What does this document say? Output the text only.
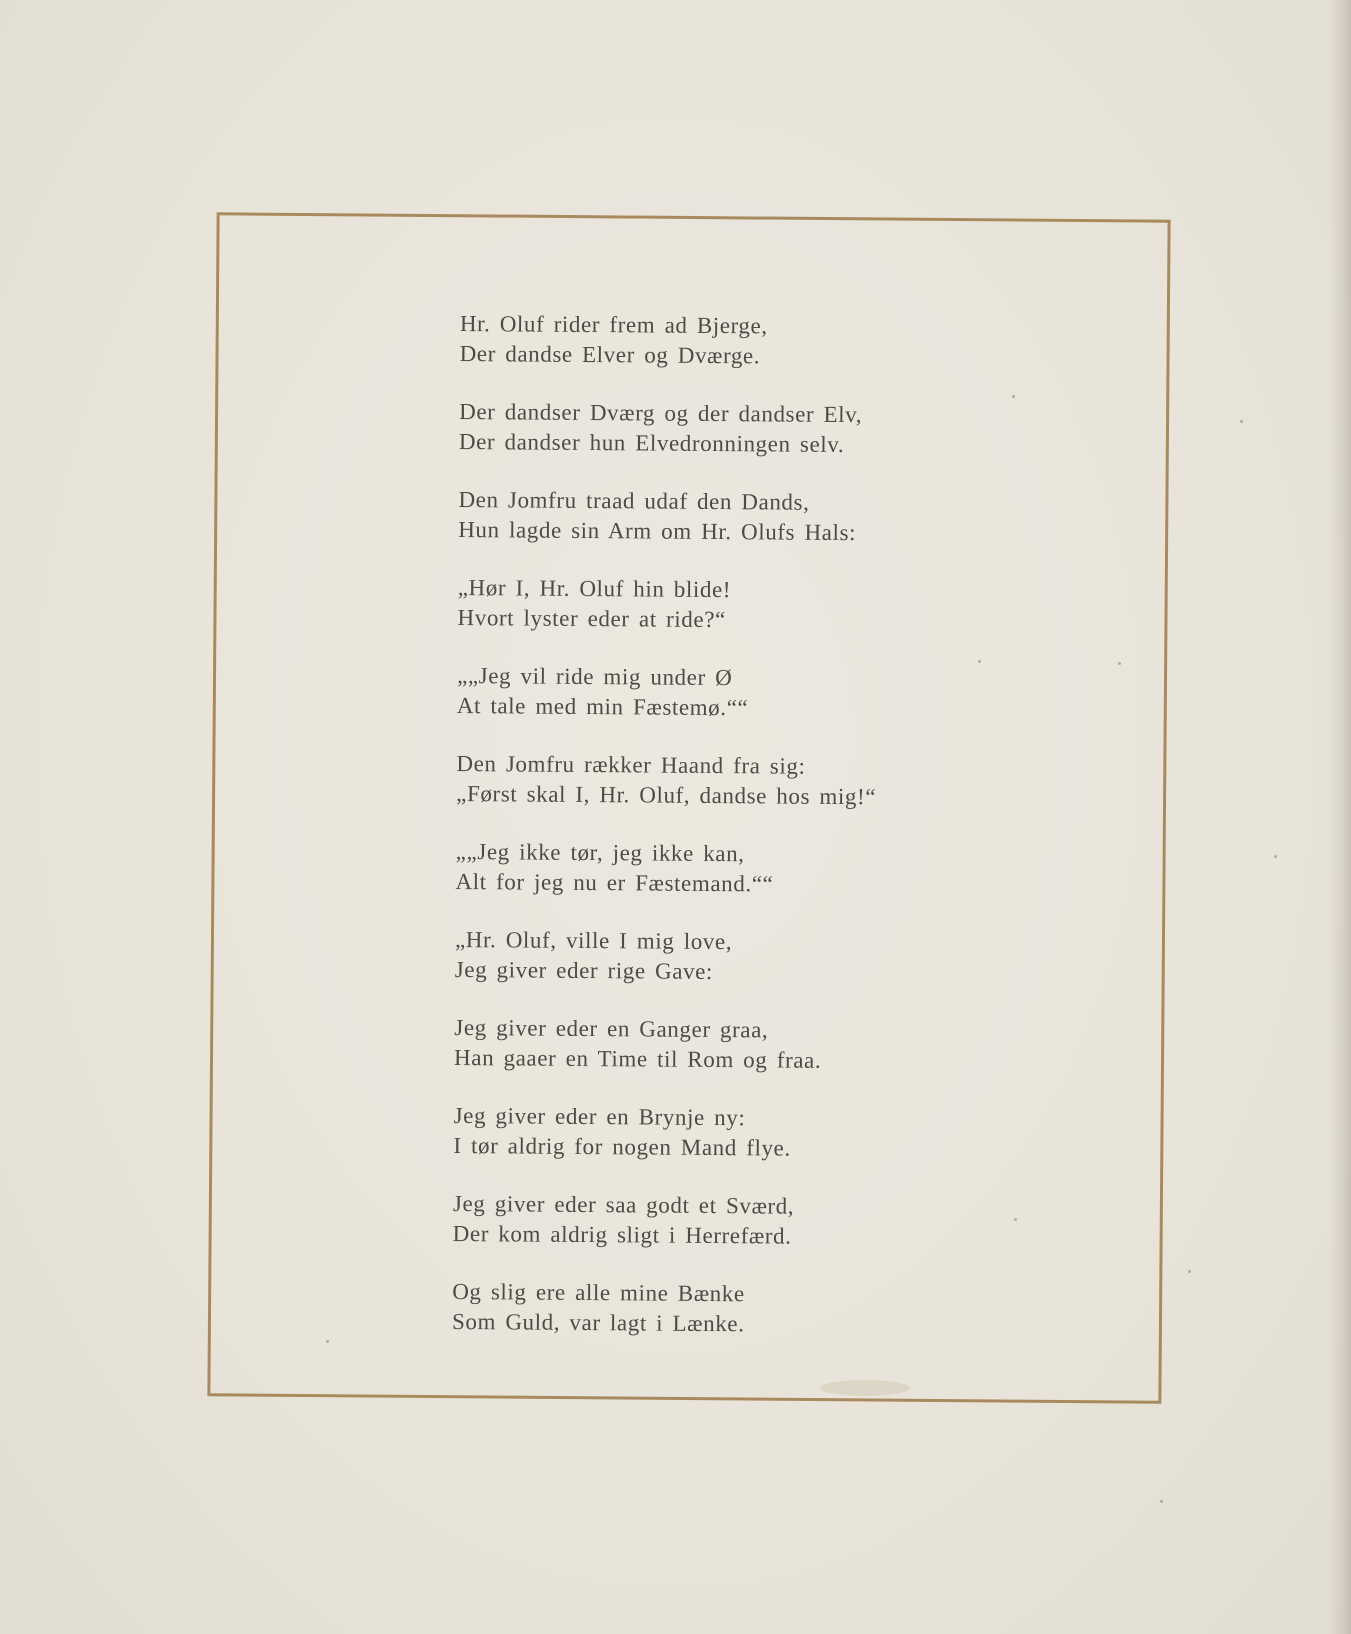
Hr. Oluf rider frem ad Bjerge,
Der dandse Elver og Dværge.
Der dandser Dværg og der dandser Elv,
Der dandser hun Elvedronningen selv.
Den Jomfru traad udaf den Dands,
Hun lagde sin Arm om Hr. Olufs Hals:
„Hør I, Hr. Oluf hin blide!
Hvort lyster eder at ride?“
„„Jeg vil ride mig under Ø
At tale med min Fæstemø.““
Den Jomfru rækker Haand fra sig:
„Først skal I, Hr. Oluf, dandse hos mig!“
„„Jeg ikke tør, jeg ikke kan,
Alt for jeg nu er Fæstemand.““
„Hr. Oluf, ville I mig love,
Jeg giver eder rige Gave:
Jeg giver eder en Ganger graa,
Han gaaer en Time til Rom og fraa.
Jeg giver eder en Brynje ny:
I tør aldrig for nogen Mand flye.
Jeg giver eder saa godt et Sværd,
Der kom aldrig sligt i Herrefærd.
Og slig ere alle mine Bænke
Som Guld, var lagt i Lænke.
